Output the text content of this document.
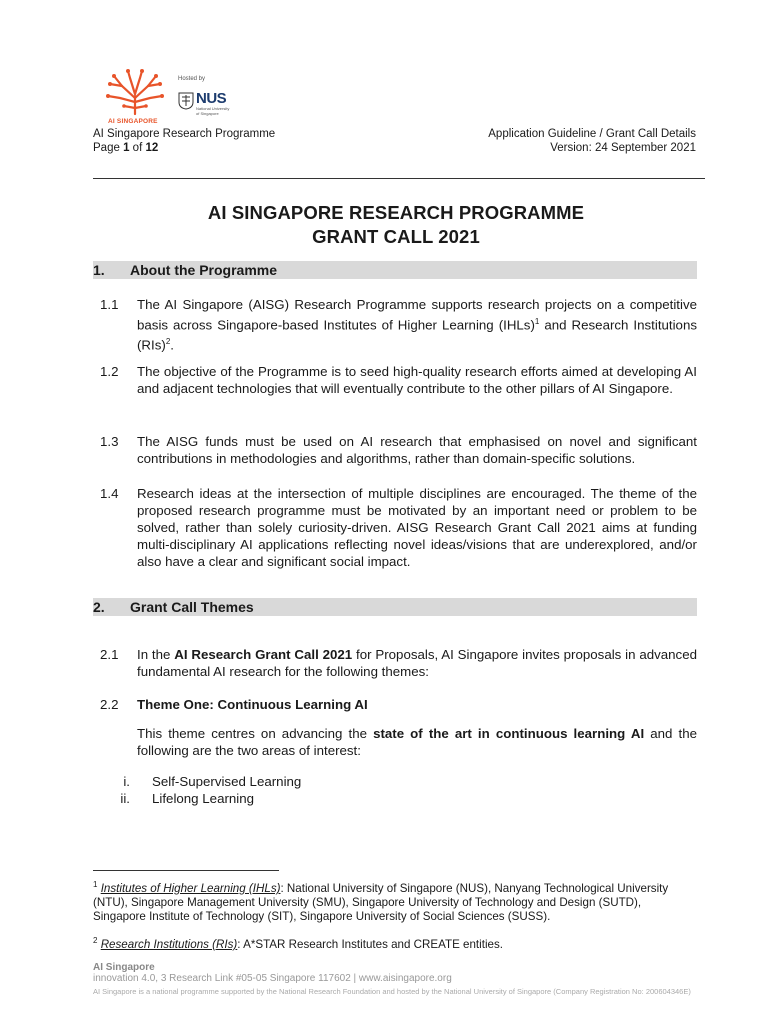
AI SINGAPORE
Hosted by
NUS
National University
of Singapore
AI Singapore Research Programme
Page 1 of 12
Application Guideline / Grant Call Details
Version: 24 September 2021
AI SINGAPORE RESEARCH PROGRAMME
GRANT CALL 2021
1. About the Programme
1.1 The AI Singapore (AISG) Research Programme supports research projects on a competitive basis across Singapore-based Institutes of Higher Learning (IHLs)$^1$ and Research Institutions (RIs)$^2$.
1.2 The objective of the Programme is to seed high-quality research efforts aimed at developing AI and adjacent technologies that will eventually contribute to the other pillars of AI Singapore.
1.3 The AISG funds must be used on AI research that emphasised on novel and significant contributions in methodologies and algorithms, rather than domain-specific solutions.
1.4 Research ideas at the intersection of multiple disciplines are encouraged. The theme of the proposed research programme must be motivated by an important need or problem to be solved, rather than solely curiosity-driven. AISG Research Grant Call 2021 aims at funding multi-disciplinary AI applications reflecting novel ideas/visions that are underexplored, and/or also have a clear and significant social impact.
2. Grant Call Themes
2.1 In the AI Research Grant Call 2021 for Proposals, AI Singapore invites proposals in advanced fundamental AI research for the following themes:
2.2 Theme One: Continuous Learning AI
This theme centres on advancing the state of the art in continuous learning AI and the following are the two areas of interest:
i. Self-Supervised Learning
ii. Lifelong Learning
$^1$ Institutes of Higher Learning (IHLs): National University of Singapore (NUS), Nanyang Technological University (NTU), Singapore Management University (SMU), Singapore University of Technology and Design (SUTD), Singapore Institute of Technology (SIT), Singapore University of Social Sciences (SUSS).
$^2$ Research Institutions (RIs): A*STAR Research Institutes and CREATE entities.
AI Singapore
innovation 4.0, 3 Research Link #05-05 Singapore 117602 | www.aisingapore.org
AI Singapore is a national programme supported by the National Research Foundation and hosted by the National University of Singapore (Company Registration No: 200604346E)
